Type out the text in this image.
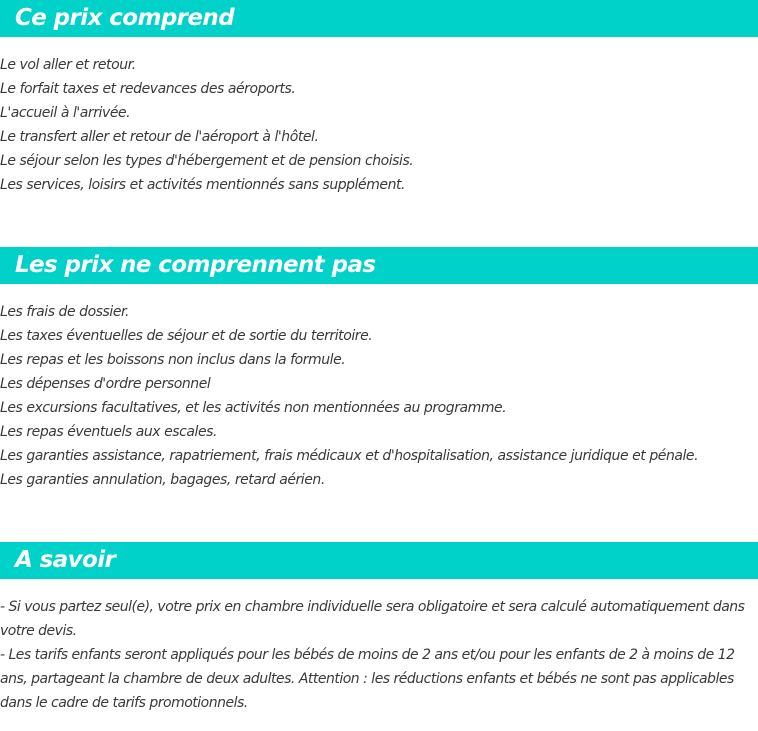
Ce prix comprend
Le vol aller et retour.
Le forfait taxes et redevances des aéroports.
L'accueil à l'arrivée.
Le transfert aller et retour de l'aéroport à l'hôtel.
Le séjour selon les types d'hébergement et de pension choisis.
Les services, loisirs et activités mentionnés sans supplément.
Les prix ne comprennent pas
Les frais de dossier.
Les taxes éventuelles de séjour et de sortie du territoire.
Les repas et les boissons non inclus dans la formule.
Les dépenses d'ordre personnel
Les excursions facultatives, et les activités non mentionnées au programme.
Les repas éventuels aux escales.
Les garanties assistance, rapatriement, frais médicaux et d'hospitalisation, assistance juridique et pénale.
Les garanties annulation, bagages, retard aérien.
A savoir

- Si vous partez seul(e), votre prix en chambre individuelle sera obligatoire et sera calculé automatiquement dans votre devis.

- Les tarifs enfants seront appliqués pour les bébés de moins de 2 ans et/ou pour les enfants de 2 à moins de 12 ans, partageant la chambre de deux adultes. Attention : les réductions enfants et bébés ne sont pas applicables dans le cadre de tarifs promotionnels.
